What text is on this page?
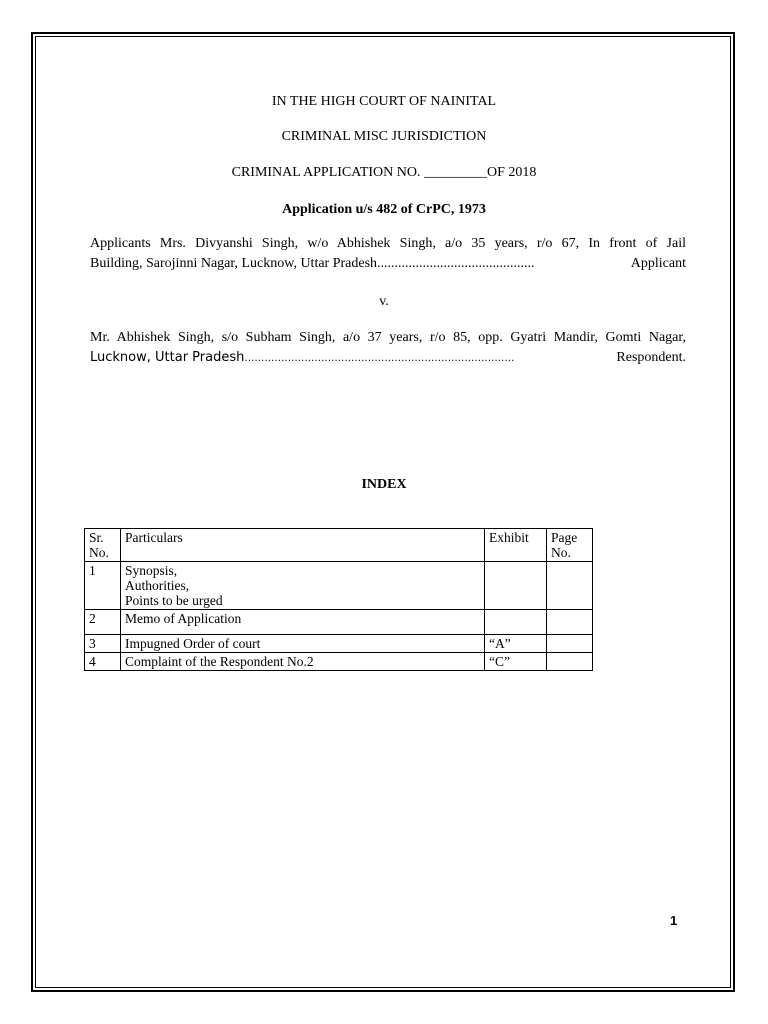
IN THE HIGH COURT OF NAINITAL
CRIMINAL MISC JURISDICTION
CRIMINAL APPLICATION NO. _________OF 2018
Application u/s 482 of CrPC, 1973
Applicants Mrs. Divyanshi Singh, w/o Abhishek Singh, a/o 35 years, r/o 67, In front of Jail
Building, Sarojinni Nagar, Lucknow, Uttar Pradesh .............................................	Applicant
v.
Mr. Abhishek Singh, s/o Subham Singh, a/o 37 years, r/o 85, opp. Gyatri Mandir, Gomti Nagar,
Lucknow, Uttar Pradesh ………………………………………………………………………	Respondent.
INDEX
Sr. No.	Particulars	Exhibit	Page No.
1	Synopsis,
Authorities,
Points to be urged		

2	Memo of Application		

3	Impugned Order of court	“A”	
4	Complaint of the Respondent No.2	“C”	
1
